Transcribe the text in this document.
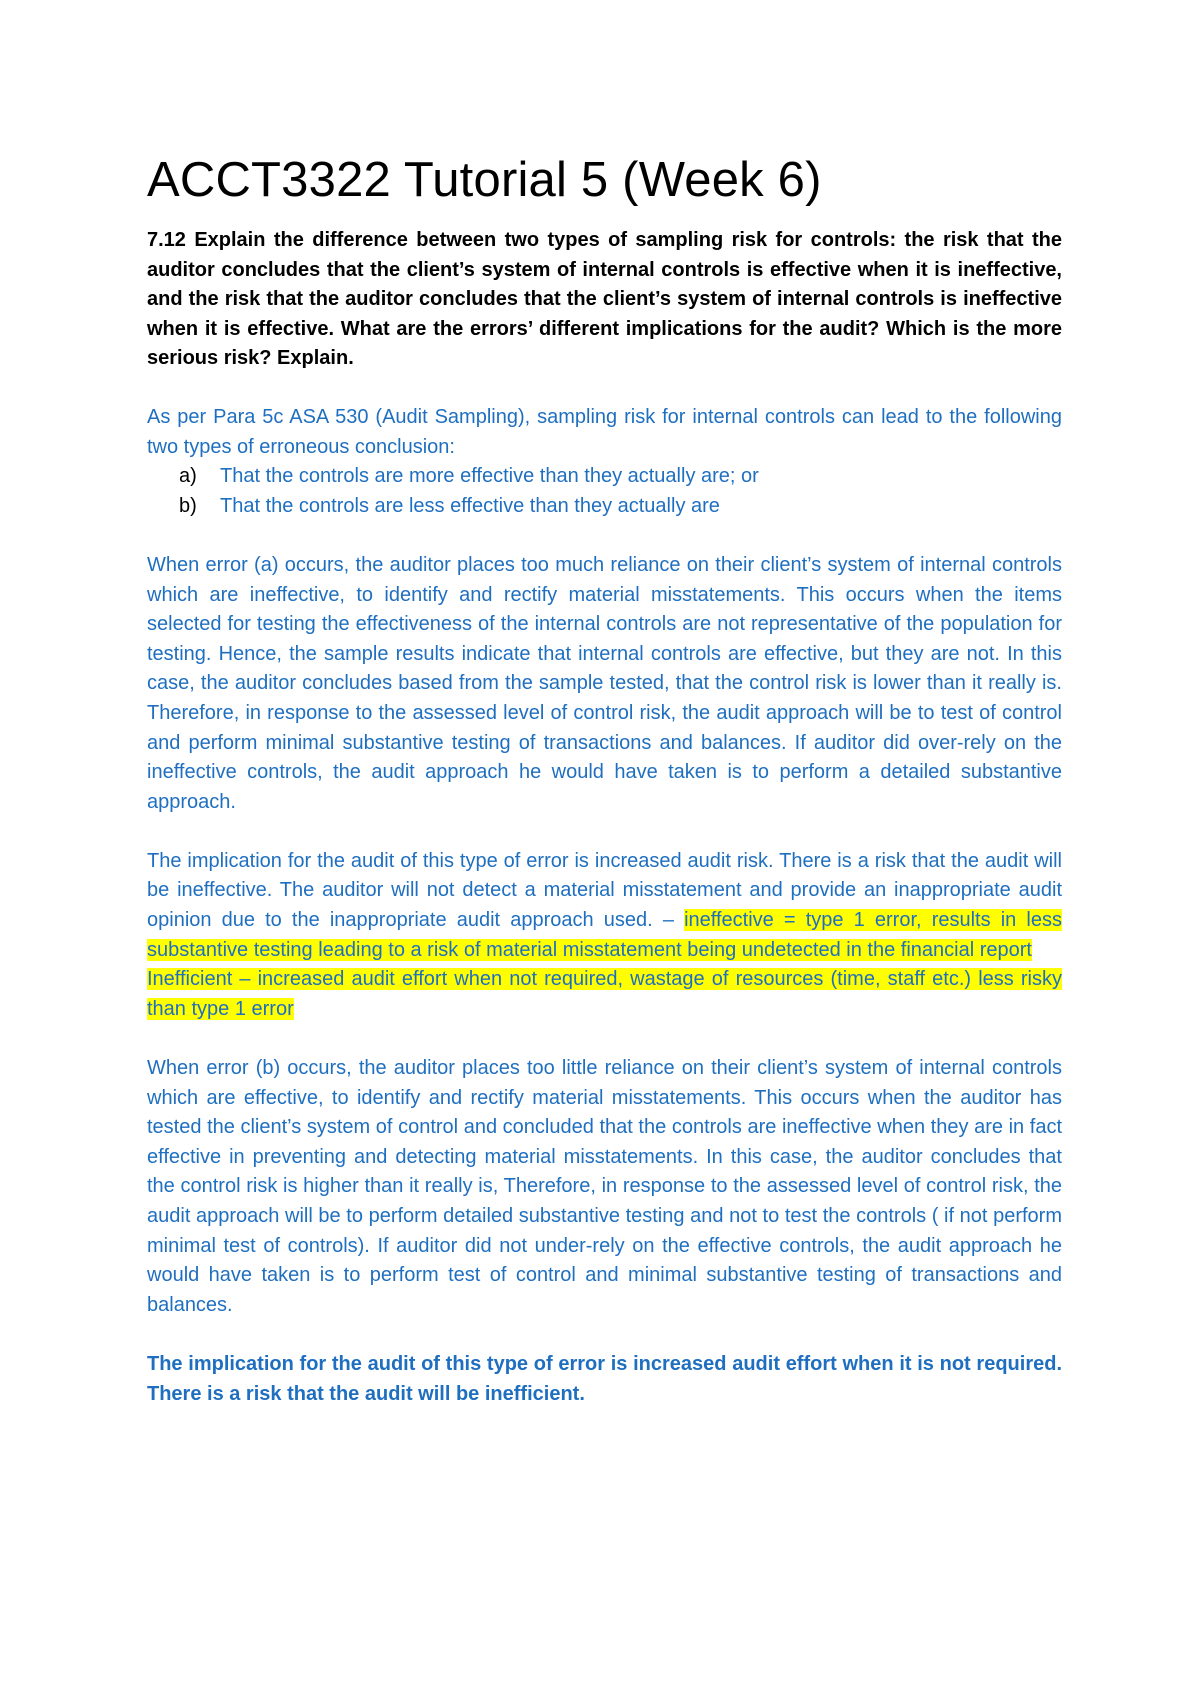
ACCT3322 Tutorial 5 (Week 6)

7.12 Explain the difference between two types of sampling risk for controls: the risk that the auditor concludes that the client’s system of internal controls is effective when it is ineffective, and the risk that the auditor concludes that the client’s system of internal controls is ineffective when it is effective. What are the errors’ different implications for the audit? Which is the more serious risk? Explain.

As per Para 5c ASA 530 (Audit Sampling), sampling risk for internal controls can lead to the following two types of erroneous conclusion:

a) That the controls are more effective than they actually are; or
b) That the controls are less effective than they actually are

When error (a) occurs, the auditor places too much reliance on their client’s system of internal controls which are ineffective, to identify and rectify material misstatements. This occurs when the items selected for testing the effectiveness of the internal controls are not representative of the population for testing. Hence, the sample results indicate that internal controls are effective, but they are not. In this case, the auditor concludes based from the sample tested, that the control risk is lower than it really is. Therefore, in response to the assessed level of control risk, the audit approach will be to test of control and perform minimal substantive testing of transactions and balances. If auditor did over-rely on the ineffective controls, the audit approach he would have taken is to perform a detailed substantive approach.

The implication for the audit of this type of error is increased audit risk. There is a risk that the audit will be ineffective. The auditor will not detect a material misstatement and provide an inappropriate audit opinion due to the inappropriate audit approach used. – ineffective = type 1 error, results in less substantive testing leading to a risk of material misstatement being undetected in the financial report

Inefficient – increased audit effort when not required, wastage of resources (time, staff etc.) less risky than type 1 error

When error (b) occurs, the auditor places too little reliance on their client’s system of internal controls which are effective, to identify and rectify material misstatements. This occurs when the auditor has tested the client’s system of control and concluded that the controls are ineffective when they are in fact effective in preventing and detecting material misstatements. In this case, the auditor concludes that the control risk is higher than it really is, Therefore, in response to the assessed level of control risk, the audit approach will be to perform detailed substantive testing and not to test the controls ( if not perform minimal test of controls). If auditor did not under-rely on the effective controls, the audit approach he would have taken is to perform test of control and minimal substantive testing of transactions and balances.

The implication for the audit of this type of error is increased audit effort when it is not required. There is a risk that the audit will be inefficient.
